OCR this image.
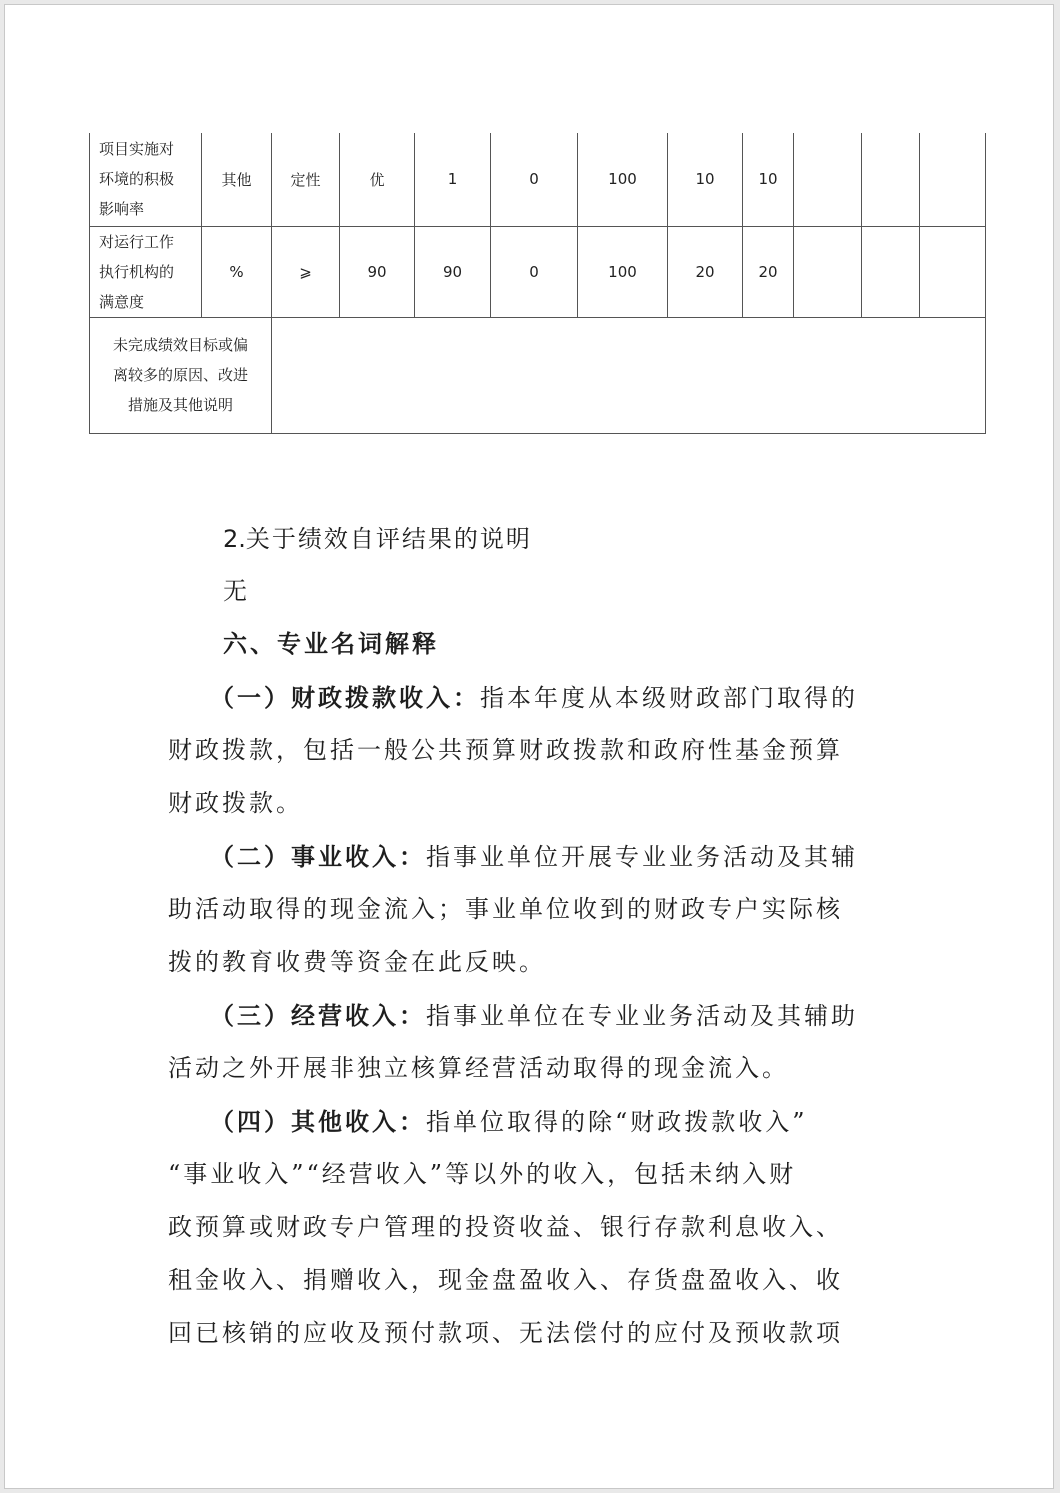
项目实施对
环境的积极
影响率	其他	定性	优	1	0	100	10	10			

对运行工作
执行机构的
满意度	%	⩾	90	90	0	100	20	20			

未完成绩效目标或偏
离较多的原因、改进
措施及其他说明											

2.关于绩效自评结果的说明
无
六、专业名词解释
（一）财政拨款收入：指本年度从本级财政部门取得的
财政拨款，包括一般公共预算财政拨款和政府性基金预算
财政拨款。
（二）事业收入：指事业单位开展专业业务活动及其辅
助活动取得的现金流入；事业单位收到的财政专户实际核
拨的教育收费等资金在此反映。
（三）经营收入：指事业单位在专业业务活动及其辅助
活动之外开展非独立核算经营活动取得的现金流入。
（四）其他收入：指单位取得的除“财政拨款收入”
“事业收入”“经营收入”等以外的收入，包括未纳入财
政预算或财政专户管理的投资收益、银行存款利息收入、
租金收入、捐赠收入，现金盘盈收入、存货盘盈收入、收
回已核销的应收及预付款项、无法偿付的应付及预收款项
